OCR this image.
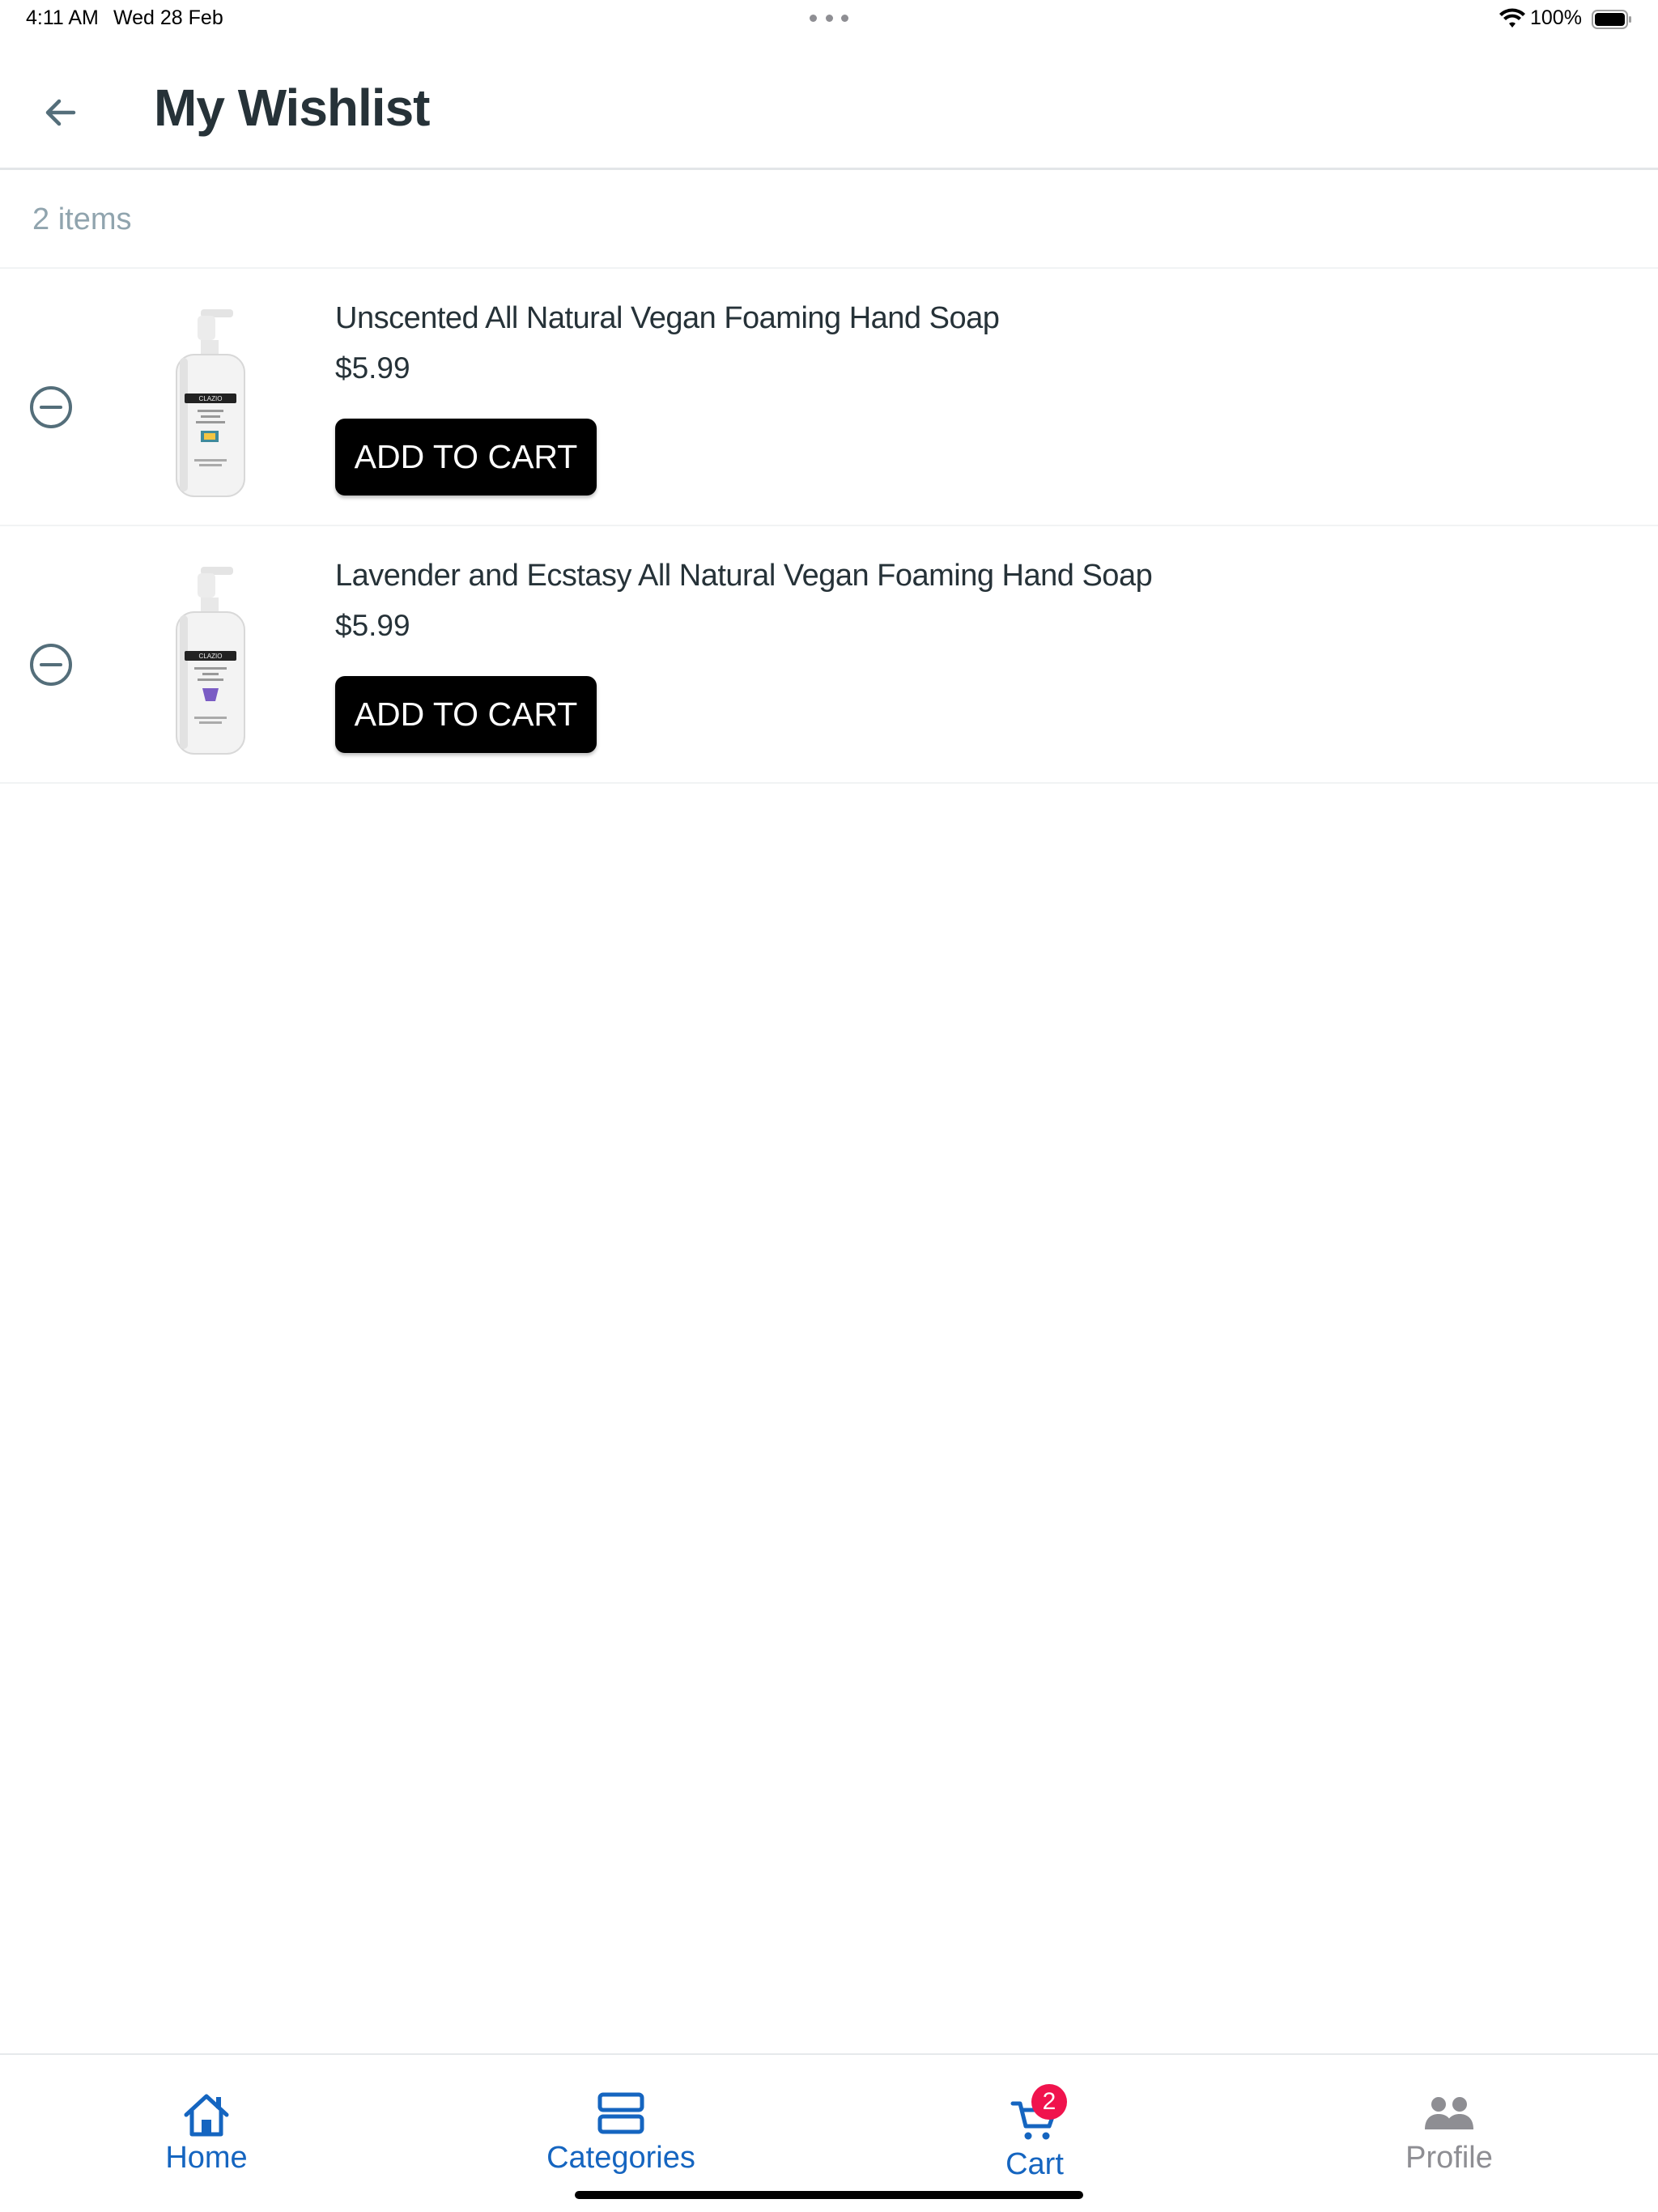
4:11 AM Wed 28 Feb	100%
My Wishlist
2 items
CLAZIO
Unscented All Natural Vegan Foaming Hand Soap
$5.99
ADD TO CART
CLAZIO
Lavender and Ecstasy All Natural Vegan Foaming Hand Soap
$5.99
ADD TO CART
Home	Categories
2
Cart	Profile
